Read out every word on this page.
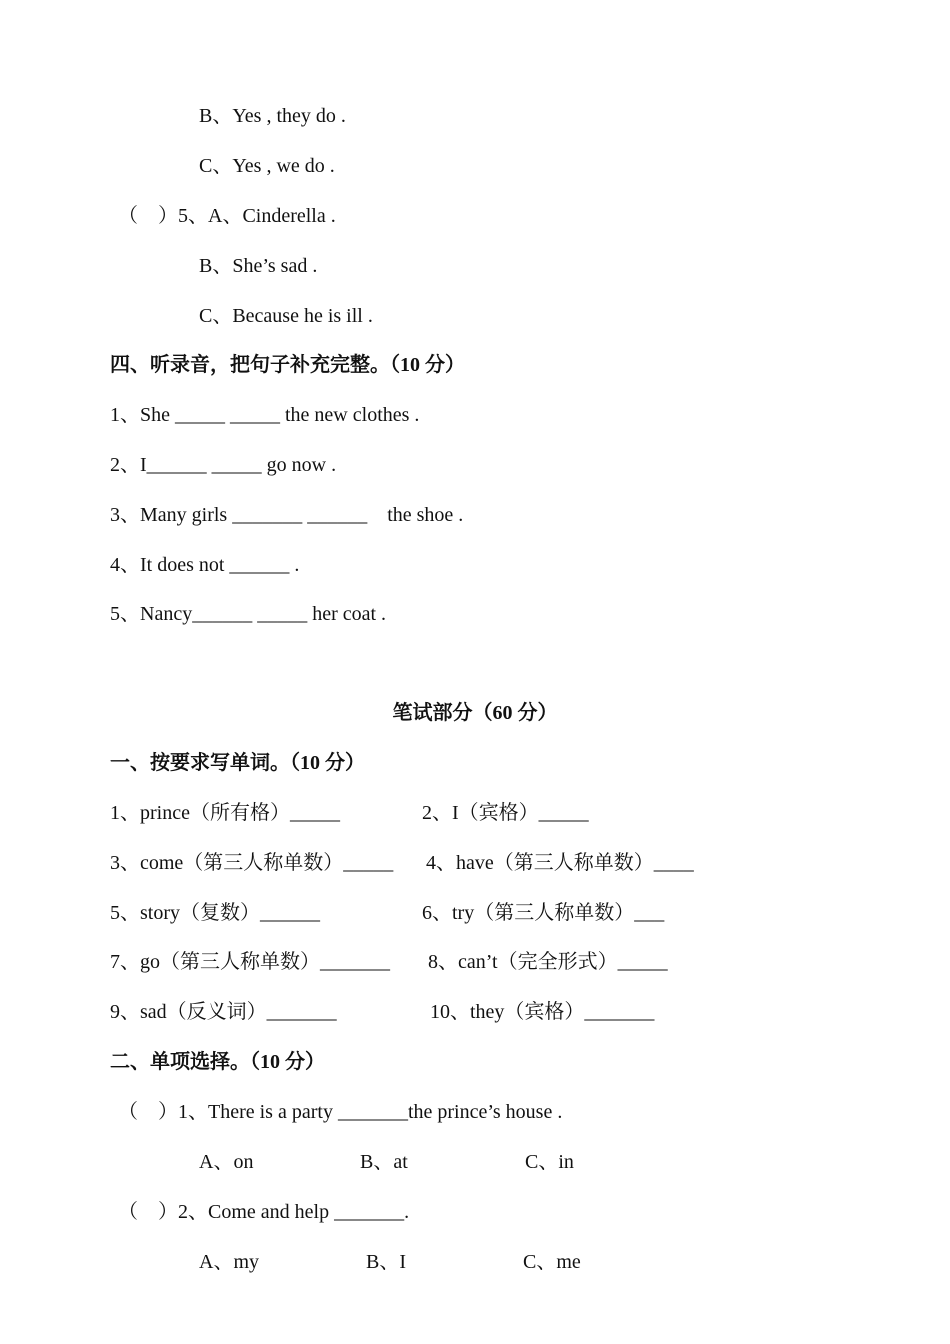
B、Yes , they do .
C、Yes , we do .
（    ）5、A、Cinderella .
B、She’s sad .
C、Because he is ill .
四、听录音，把句子补充完整。（10 分）
1、She _____ _____ the new clothes .
2、I______ _____ go now .
3、Many girls _______ ______    the shoe .
4、It does not ______ .
5、Nancy______ _____ her coat .
笔试部分（60 分）
一、按要求写单词。（10 分）
1、prince（所有格）_____	2、I（宾格）_____
3、come（第三人称单数）_____ 4、have（第三人称单数）____
5、story（复数）______	6、try（第三人称单数）___
7、go（第三人称单数）_______ 8、can’t（完全形式）_____
9、sad（反义词）_______	10、they（宾格）_______
二、单项选择。（10 分）
（    ）1、There is a party _______the prince’s house .
A、on	B、at	C、in
（    ）2、Come and help _______.
A、my	B、I	C、me
